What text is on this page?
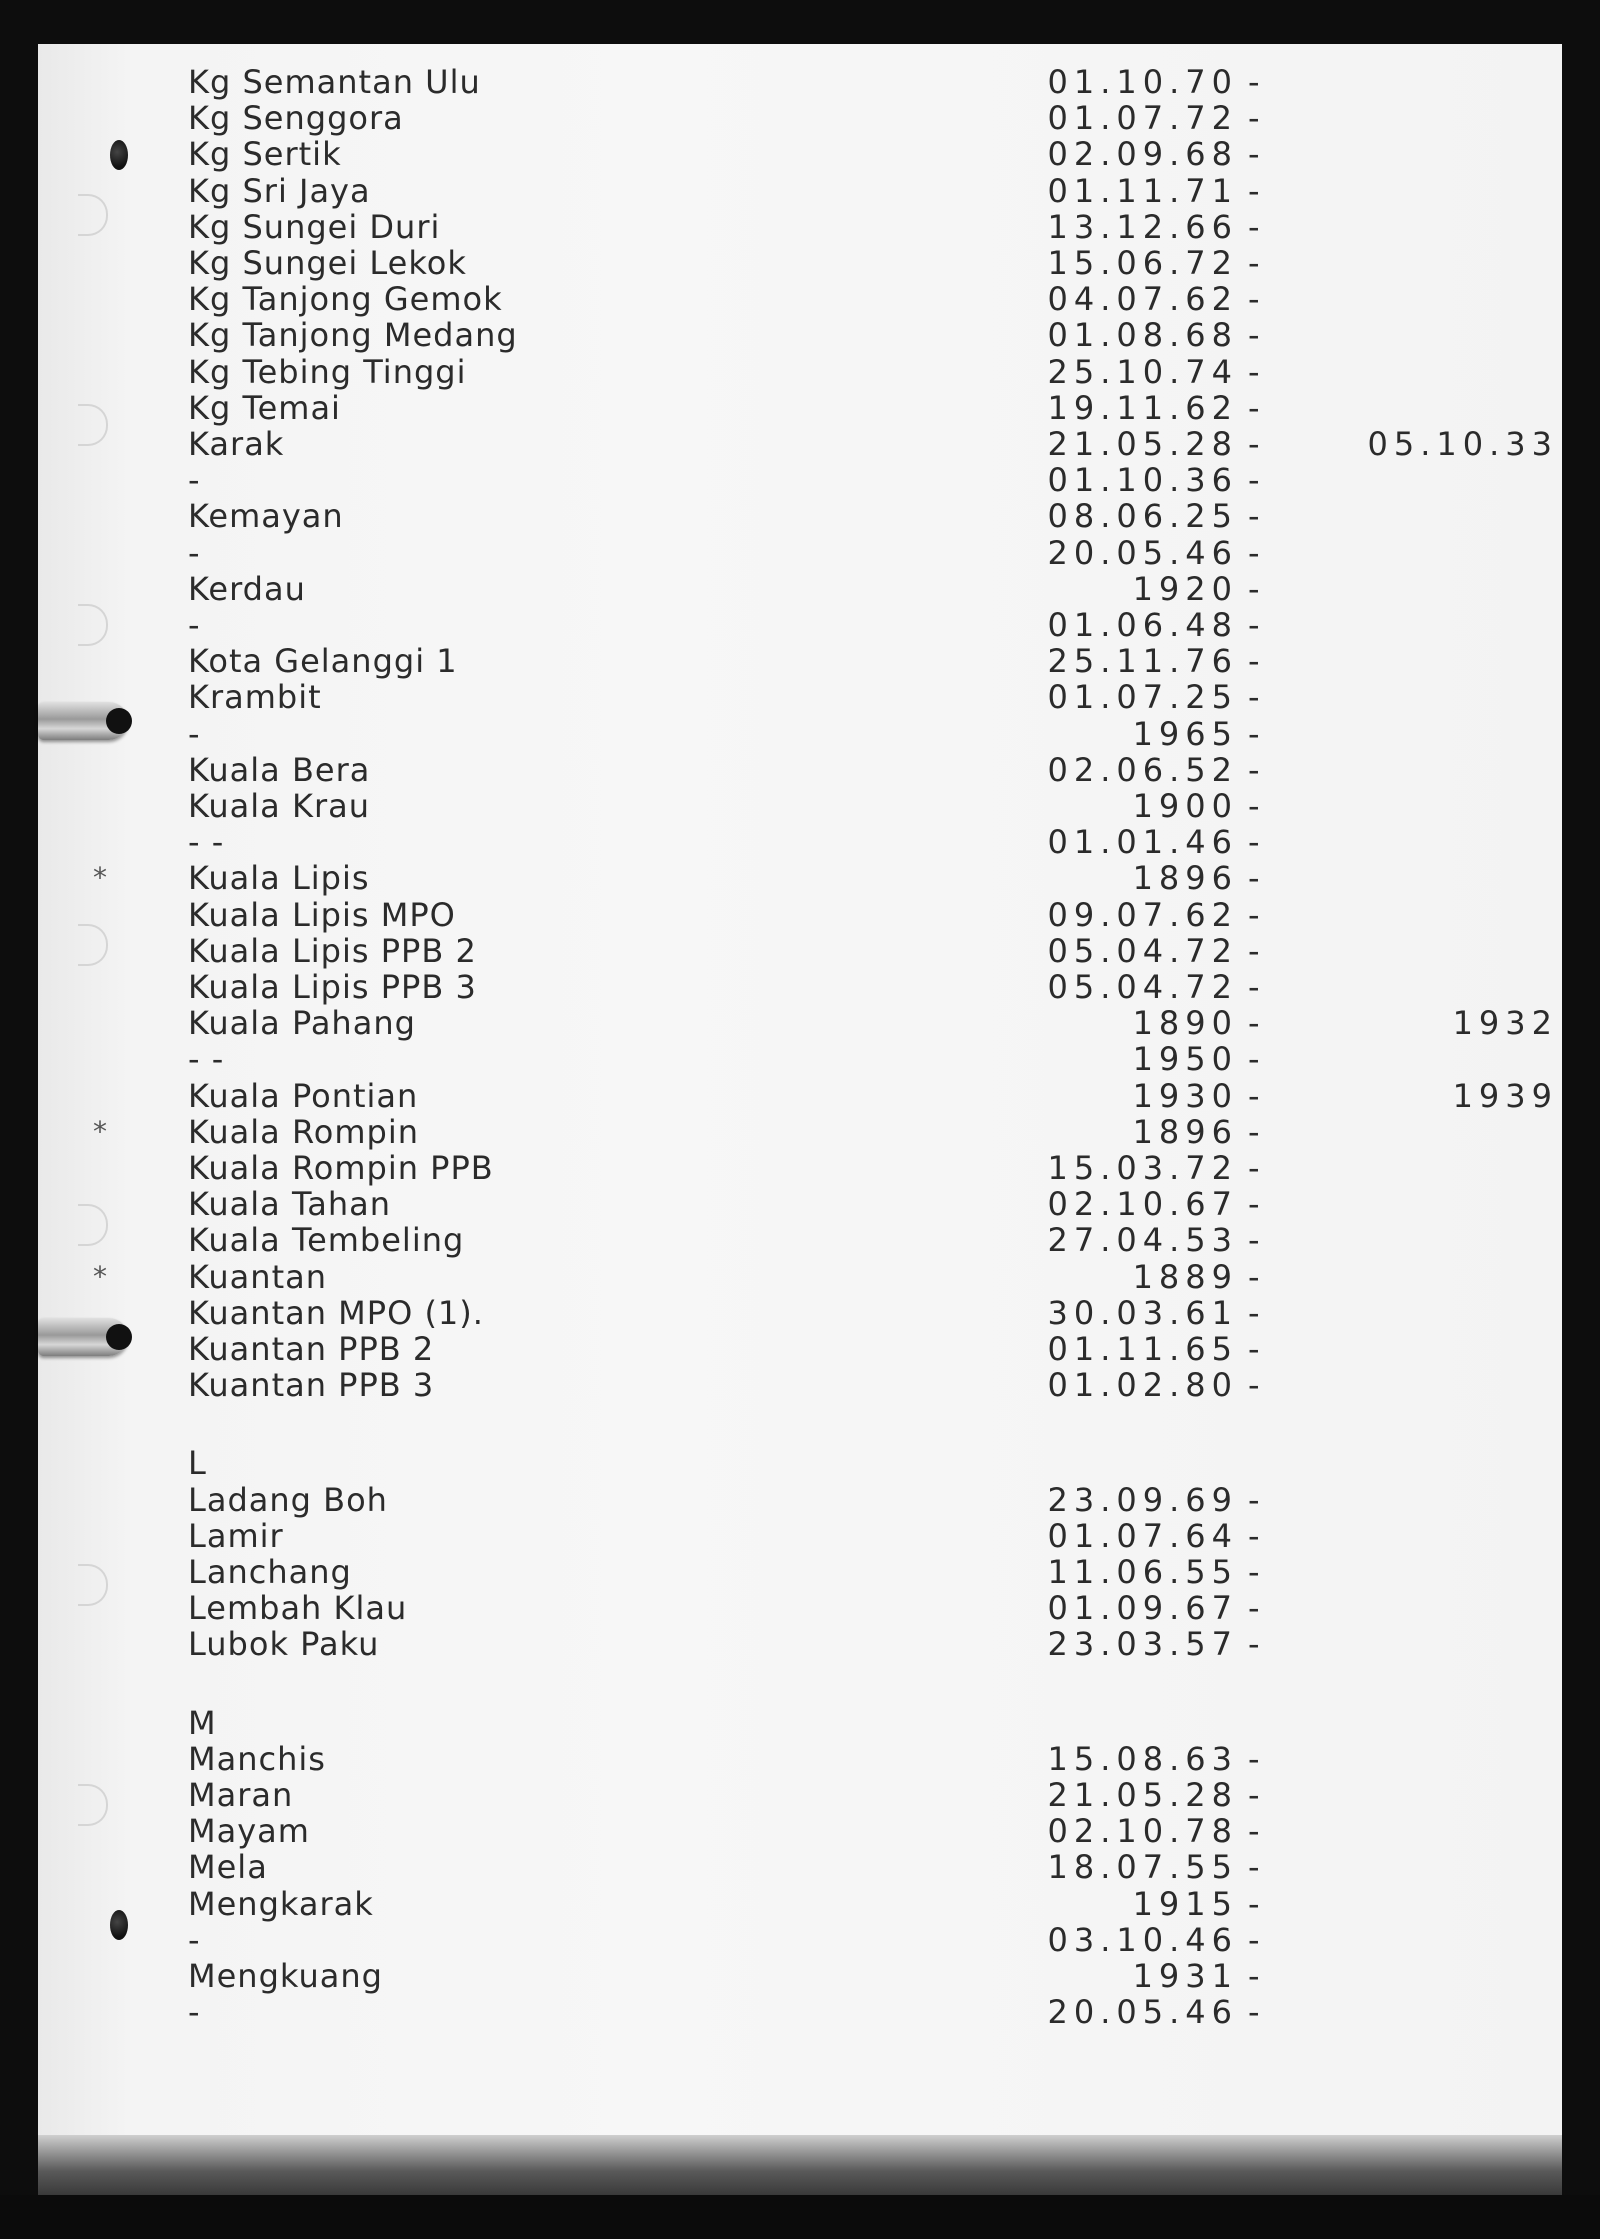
Kg Semantan Ulu	01.10.70 -
Kg Senggora	01.07.72 -
Kg Sertik	02.09.68 -
Kg Sri Jaya	01.11.71 -
Kg Sungei Duri	13.12.66 -
Kg Sungei Lekok	15.06.72 -
Kg Tanjong Gemok	04.07.62 -
Kg Tanjong Medang	01.08.68 -
Kg Tebing Tinggi	25.10.74 -
Kg Temai	19.11.62 -
Karak	21.05.28 -	05.10.33
-	01.10.36 -
Kemayan	08.06.25 -
-	20.05.46 -
Kerdau	1920 -
-	01.06.48 -
Kota Gelanggi 1	25.11.76 -
Krambit	01.07.25 -
-	1965 -
Kuala Bera	02.06.52 -
Kuala Krau	1900 -
- -	01.01.46 -
*	Kuala Lipis	1896 -
Kuala Lipis MPO	09.07.62 -
Kuala Lipis PPB 2	05.04.72 -
Kuala Lipis PPB 3	05.04.72 -
Kuala Pahang	1890 -	1932
- -	1950 -
Kuala Pontian	1930 -	1939
*	Kuala Rompin	1896 -
Kuala Rompin PPB	15.03.72 -
Kuala Tahan	02.10.67 -
Kuala Tembeling	27.04.53 -
*	Kuantan	1889 -
Kuantan MPO (1).	30.03.61 -
Kuantan PPB 2	01.11.65 -
Kuantan PPB 3	01.02.80 -
L
Ladang Boh	23.09.69 -
Lamir	01.07.64 -
Lanchang	11.06.55 -
Lembah Klau	01.09.67 -
Lubok Paku	23.03.57 -
M
Manchis	15.08.63 -
Maran	21.05.28 -
Mayam	02.10.78 -
Mela	18.07.55 -
Mengkarak	1915 -
-	03.10.46 -
Mengkuang	1931 -
-	20.05.46 -
